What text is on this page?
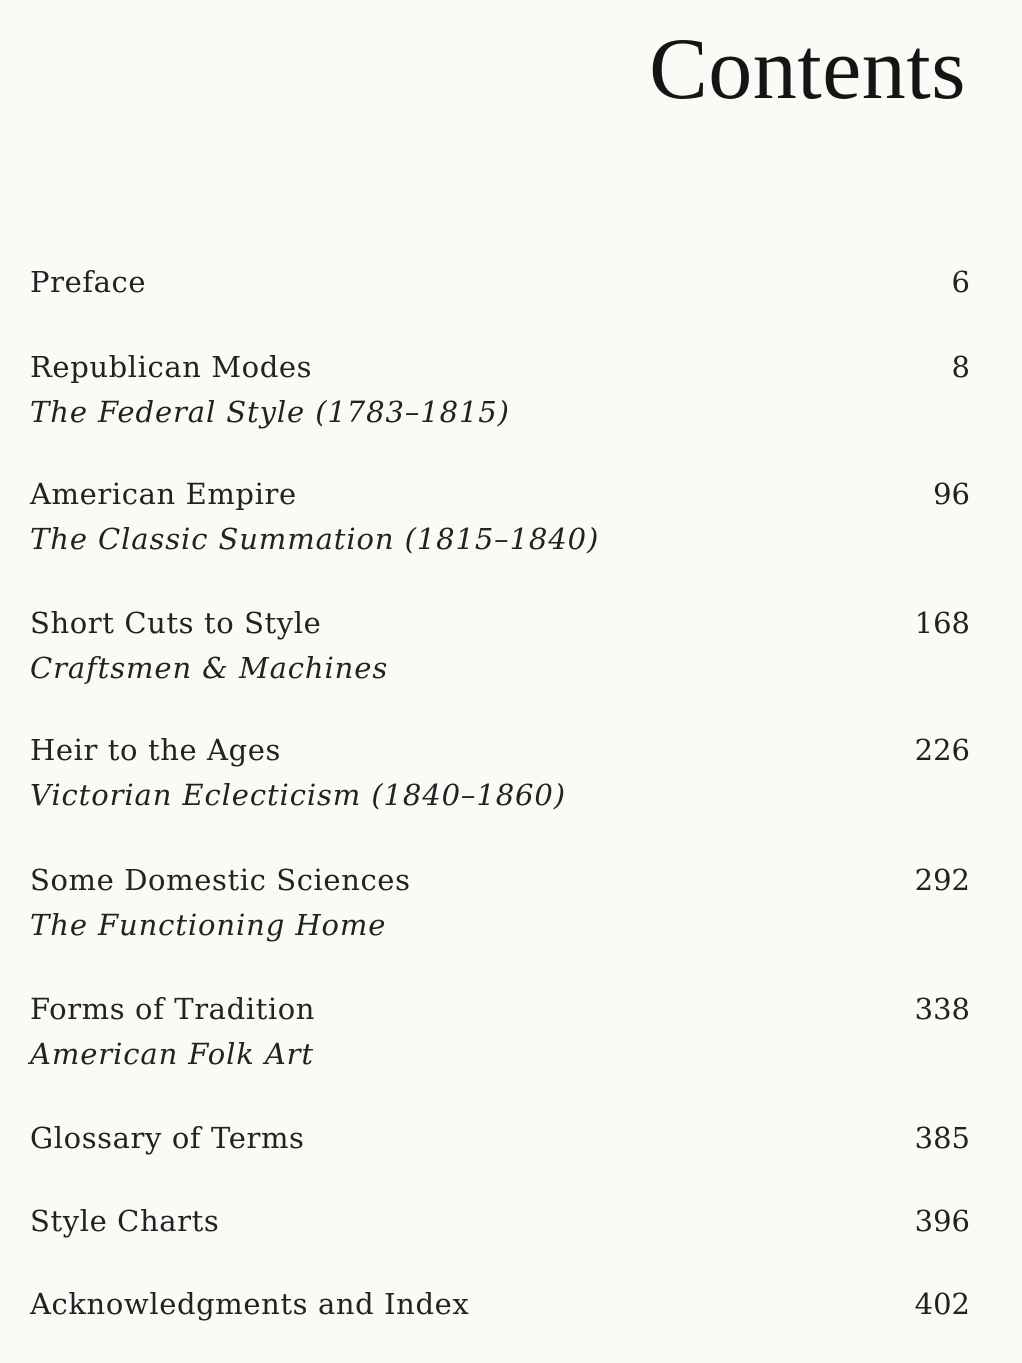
Contents
Preface	6
Republican Modes	8
The Federal Style (1783–1815)
American Empire	96
The Classic Summation (1815–1840)
Short Cuts to Style	168
Craftsmen & Machines
Heir to the Ages	226
Victorian Eclecticism (1840–1860)
Some Domestic Sciences	292
The Functioning Home
Forms of Tradition	338
American Folk Art
Glossary of Terms	385
Style Charts	396
Acknowledgments and Index	402
